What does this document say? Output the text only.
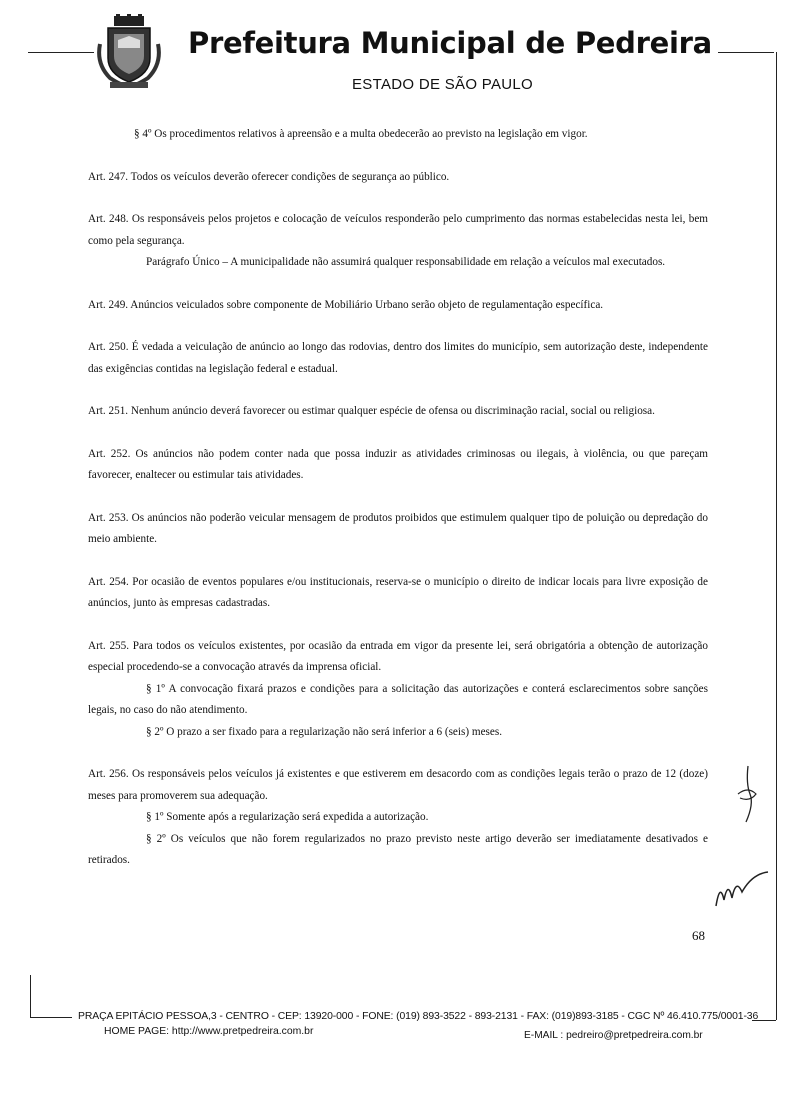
Prefeitura Municipal de Pedreira
ESTADO DE SÃO PAULO

§ 4º Os procedimentos relativos à apreensão e a multa obedecerão ao previsto na legislação em vigor.

Art. 247. Todos os veículos deverão oferecer condições de segurança ao público.

Art. 248. Os responsáveis pelos projetos e colocação de veículos responderão pelo cumprimento das normas estabelecidas nesta lei, bem como pela segurança.

Parágrafo Único – A municipalidade não assumirá qualquer responsabilidade em relação a veículos mal executados.

Art. 249. Anúncios veiculados sobre componente de Mobiliário Urbano serão objeto de regulamentação específica.

Art. 250. É vedada a veiculação de anúncio ao longo das rodovias, dentro dos limites do município, sem autorização deste, independente das exigências contidas na legislação federal e estadual.

Art. 251. Nenhum anúncio deverá favorecer ou estimar qualquer espécie de ofensa ou discriminação racial, social ou religiosa.

Art. 252. Os anúncios não podem conter nada que possa induzir as atividades criminosas ou ilegais, à violência, ou que pareçam favorecer, enaltecer ou estimular tais atividades.

Art. 253. Os anúncios não poderão veicular mensagem de produtos proibidos que estimulem qualquer tipo de poluição ou depredação do meio ambiente.

Art. 254. Por ocasião de eventos populares e/ou institucionais, reserva-se o município o direito de indicar locais para livre exposição de anúncios, junto às empresas cadastradas.

Art. 255. Para todos os veículos existentes, por ocasião da entrada em vigor da presente lei, será obrigatória a obtenção de autorização especial procedendo-se a convocação através da imprensa oficial.

§ 1º A convocação fixará prazos e condições para a solicitação das autorizações e conterá esclarecimentos sobre sanções legais, no caso do não atendimento.

§ 2º O prazo a ser fixado para a regularização não será inferior a 6 (seis) meses.

Art. 256. Os responsáveis pelos veículos já existentes e que estiverem em desacordo com as condições legais terão o prazo de 12 (doze) meses para promoverem sua adequação.

§ 1º Somente após a regularização será expedida a autorização.

§ 2º Os veículos que não forem regularizados no prazo previsto neste artigo deverão ser imediatamente desativados e retirados.

68
PRAÇA EPITÁCIO PESSOA,3 - CENTRO - CEP: 13920-000 - FONE: (019) 893-3522 - 893-2131 - FAX: (019)893-3185 - CGC Nº 46.410.775/0001-36
HOME PAGE: http://www.pretpedreira.com.br	E-MAIL : pedreiro@pretpedreira.com.br
